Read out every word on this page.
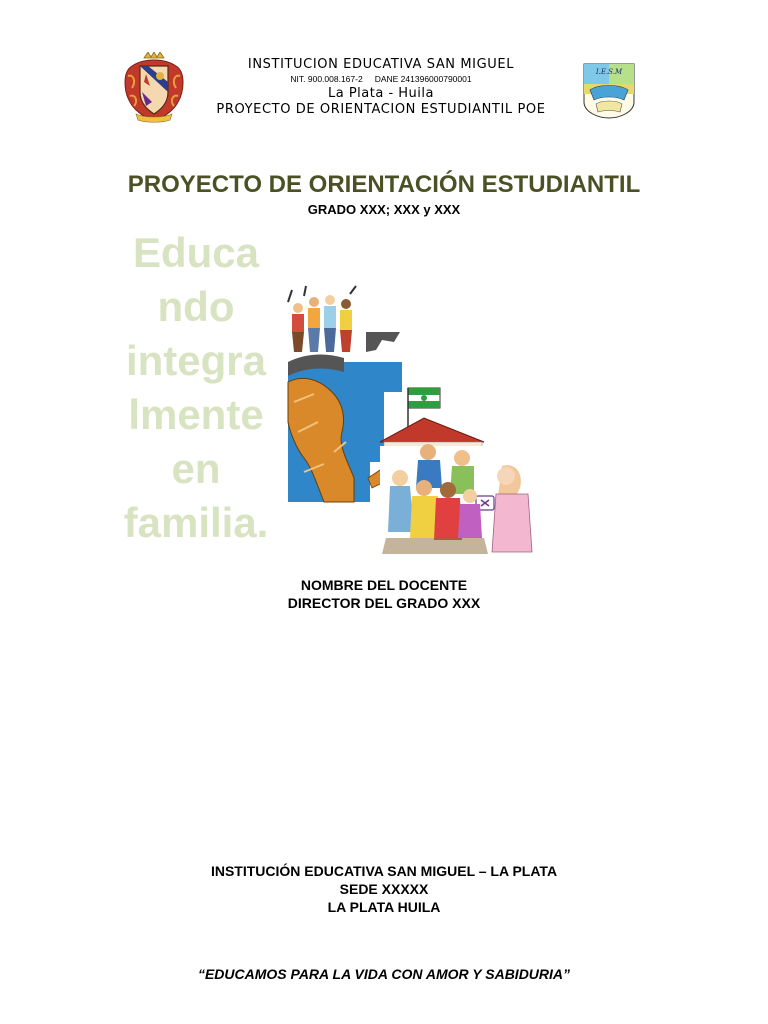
INSTITUCION EDUCATIVA SAN MIGUEL
NIT. 900.008.167-2 DANE 241396000790001
La Plata - Huila
PROYECTO DE ORIENTACION ESTUDIANTIL POE
I.E.S.M
PROYECTO DE ORIENTACIÓN ESTUDIANTIL
GRADO XXX; XXX y XXX
Educa
ndo
integra
lmente
en
familia.
NOMBRE DEL DOCENTE
DIRECTOR DEL GRADO XXX
INSTITUCIÓN EDUCATIVA SAN MIGUEL – LA PLATA
SEDE XXXXX
LA PLATA HUILA
“EDUCAMOS PARA LA VIDA CON AMOR Y SABIDURIA”
